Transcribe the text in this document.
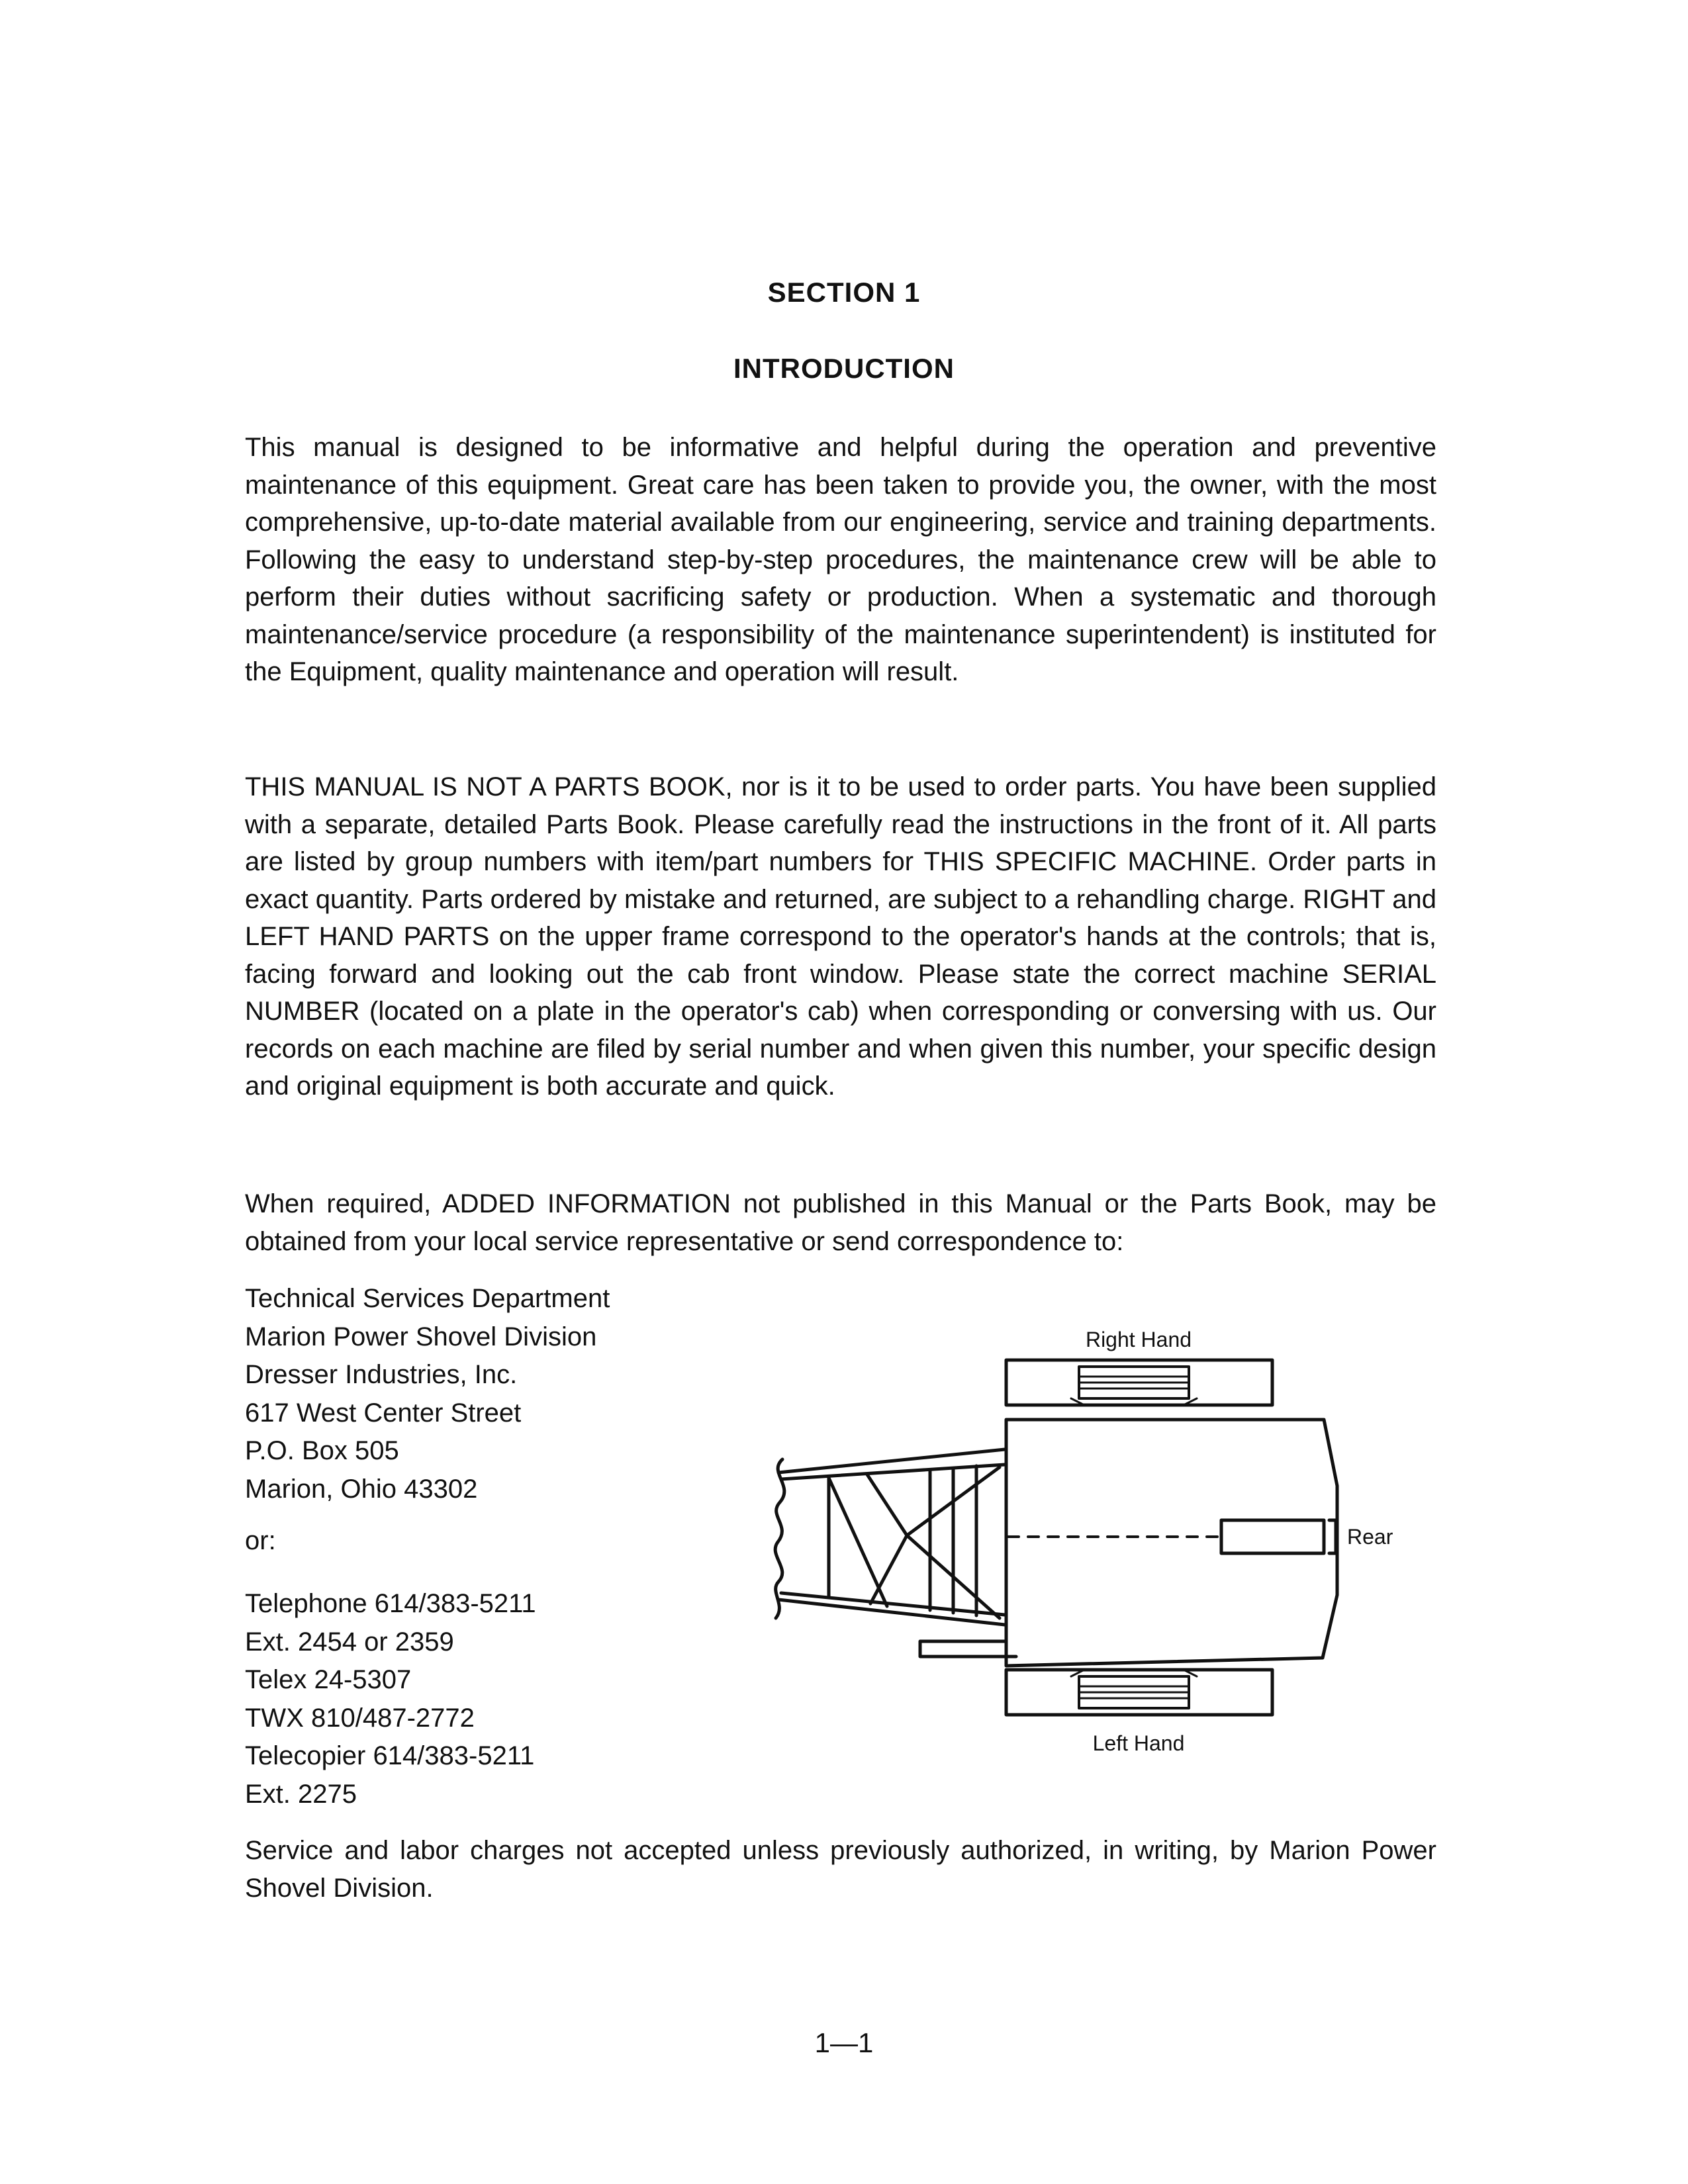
SECTION 1
INTRODUCTION
This manual is designed to be informative and helpful during the operation and preventive maintenance of this equipment. Great care has been taken to provide you, the owner, with the most comprehensive, up-to-date material available from our engineering, service and training departments. Following the easy to understand step-by-step procedures, the maintenance crew will be able to perform their duties without sacrificing safety or production. When a systematic and thorough maintenance/service procedure (a responsibility of the maintenance superintendent) is instituted for the Equipment, quality maintenance and operation will result.
THIS MANUAL IS NOT A PARTS BOOK, nor is it to be used to order parts. You have been supplied with a separate, detailed Parts Book. Please carefully read the instructions in the front of it. All parts are listed by group numbers with item/part numbers for THIS SPECIFIC MACHINE. Order parts in exact quantity. Parts ordered by mistake and returned, are subject to a rehandling charge. RIGHT and LEFT HAND PARTS on the upper frame correspond to the operator's hands at the controls; that is, facing forward and looking out the cab front window. Please state the correct machine SERIAL NUMBER (located on a plate in the operator's cab) when corresponding or conversing with us. Our records on each machine are filed by serial number and when given this number, your specific design and original equipment is both accurate and quick.
When required, ADDED INFORMATION not published in this Manual or the Parts Book, may be obtained from your local service representative or send correspondence to:
Technical Services Department
Marion Power Shovel Division
Dresser Industries, Inc.
617 West Center Street
P.O. Box 505
Marion, Ohio 43302
or:
Telephone 614/383-5211
Ext. 2454 or 2359
Telex 24-5307
TWX 810/487-2772
Telecopier 614/383-5211
Ext. 2275
Right Hand
Left Hand
Rear
Service and labor charges not accepted unless previously authorized, in writing, by Marion Power Shovel Division.
1—1
